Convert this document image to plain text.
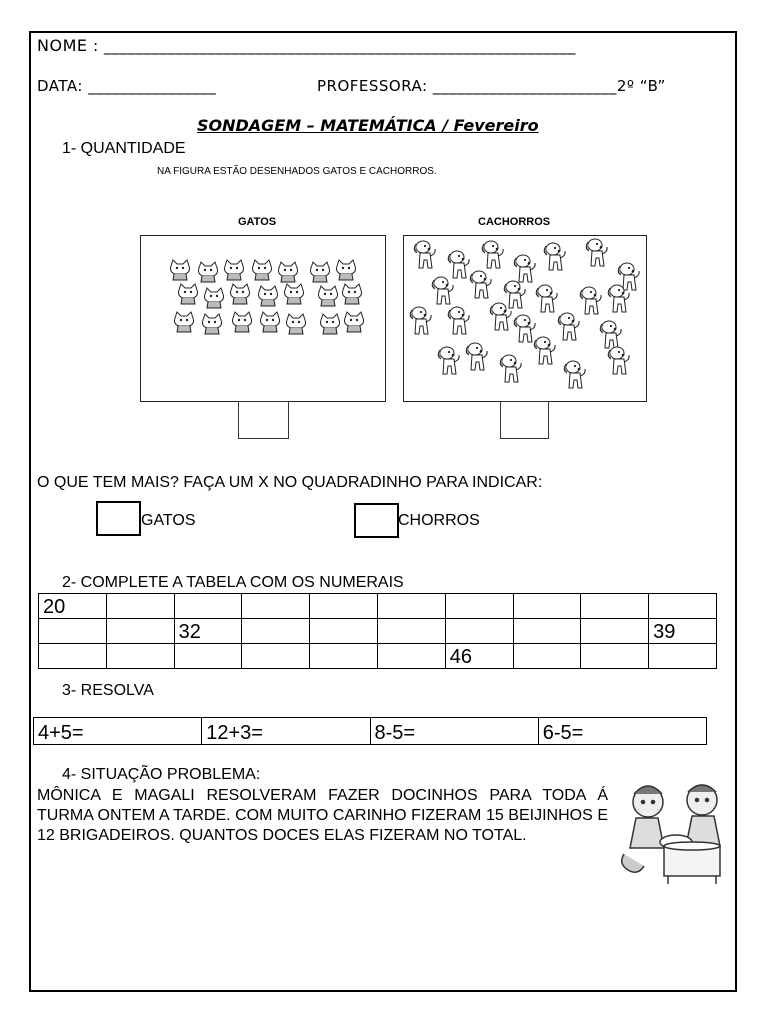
NOME : ___________________________________________________________
DATA: ________________	PROFESSORA: _______________________2º “B”
SONDAGEM – MATEMÁTICA / Fevereiro
1- QUANTIDADE
NA FIGURA ESTÃO DESENHADOS GATOS E CACHORROS.
GATOS	CACHORROS
O QUE TEM MAIS? FAÇA UM X NO QUADRADINHO PARA INDICAR:
GATOS	CHORROS
2- COMPLETE A TABELA COM OS NUMERAIS
20									
		32							39
						46			
3- RESOLVA
4+5=	12+3=	8-5=	6-5=
4- SITUAÇÃO PROBLEMA:
MÔNICA E MAGALI RESOLVERAM FAZER DOCINHOS PARA TODA Á TURMA ONTEM A TARDE. COM MUITO CARINHO FIZERAM 15 BEIJINHOS E 12 BRIGADEIROS. QUANTOS DOCES ELAS FIZERAM NO TOTAL.
